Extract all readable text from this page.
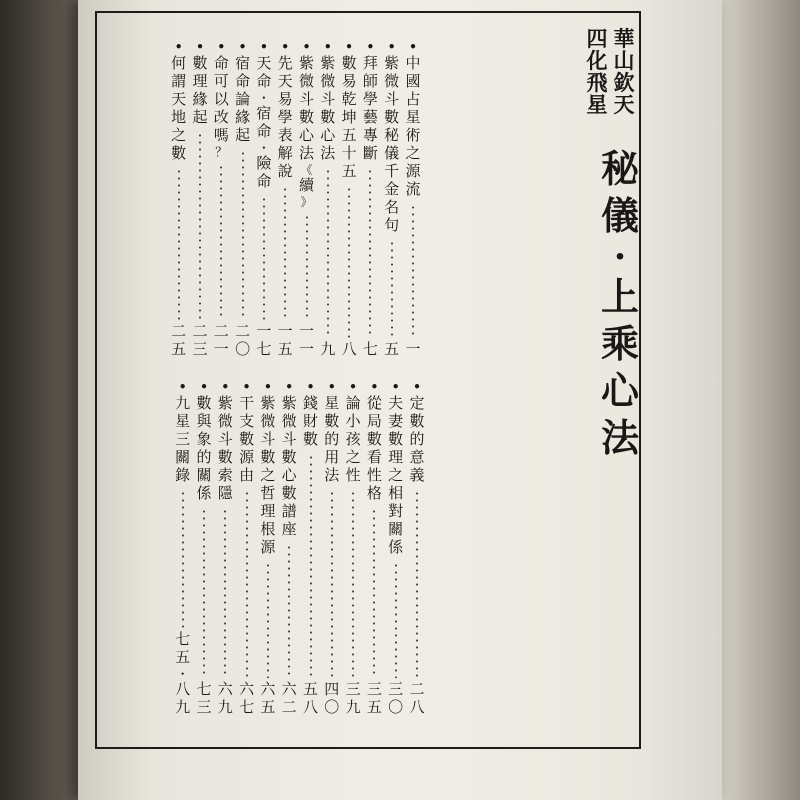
華
山
欽
天
四
化
飛
星
秘
儀
・
上
乘
心
法
•
中
國
占
星
術
之
源
流
一
•
紫
微
斗
數
秘
儀
千
金
名
句
五
•
拜
師
學
藝
專
斷
七
•
數
易
乾
坤
五
十
五
八
•
紫
微
斗
數
心
法
九
•
紫
微
斗
數
心
法
《
續
》
一
一
•
先
天
易
學
表
解
說
一
五
•
天
命
・
宿
命
・
險
命
一
七
•
宿
命
論
緣
起
二
〇
•
命
可
以
改
嗎
？
二
一
•
數
理
緣
起
二
三
•
何
謂
天
地
之
數
二
五
•
定
數
的
意
義
二
八
•
夫
妻
數
理
之
相
對
關
係
三
〇
•
從
局
數
看
性
格
三
五
•
論
小
孩
之
性
三
九
•
星
數
的
用
法
四
〇
•
錢
財
數
五
八
•
紫
微
斗
數
心
數
譜
座
六
二
•
紫
微
斗
數
之
哲
理
根
源
六
五
•
干
支
數
源
由
六
七
•
紫
微
斗
數
索
隱
六
九
•
數
與
象
的
關
係
七
三
•
九
星
三
關
錄
七
五
・
八
九
